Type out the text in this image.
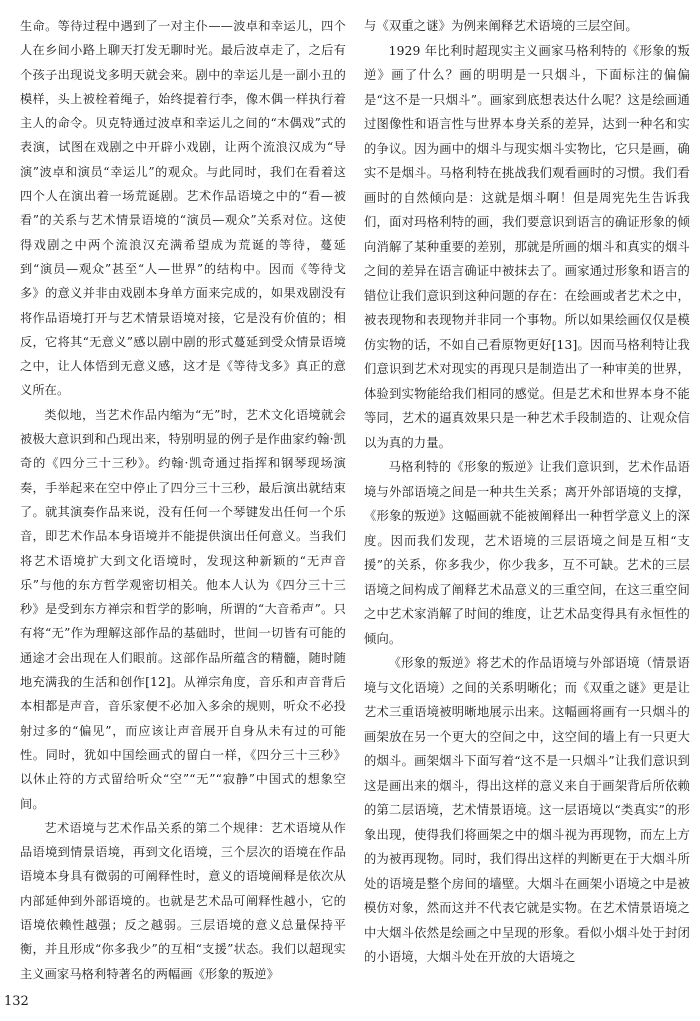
生命。等待过程中遇到了一对主仆——波卓和幸运儿，四个人在乡间小路上聊天打发无聊时光。最后波卓走了，之后有个孩子出现说戈多明天就会来。剧中的幸运儿是一副小丑的模样，头上被栓着绳子，始终提着行李，像木偶一样执行着主人的命令。贝克特通过波卓和幸运儿之间的“木偶戏”式的表演，试图在戏剧之中开辟小戏剧，让两个流浪汉成为“导演”波卓和演员“幸运儿”的观众。与此同时，我们在看着这四个人在演出着一场荒诞剧。艺术作品语境之中的“看—被看”的关系与艺术情景语境的“演员—观众”关系对位。这使得戏剧之中两个流浪汉充满希望成为荒诞的等待，蔓延到“演员—观众”甚至“人—世界”的结构中。因而《等待戈多》的意义并非由戏剧本身单方面来完成的，如果戏剧没有将作品语境打开与艺术情景语境对接，它是没有价值的；相反，它将其“无意义”感以剧中剧的形式蔓延到受众情景语境之中，让人体悟到无意义感，这才是《等待戈多》真正的意义所在。

类似地，当艺术作品内缩为“无”时，艺术文化语境就会被极大意识到和凸现出来，特别明显的例子是作曲家约翰·凯奇的《四分三十三秒》。约翰·凯奇通过指挥和钢琴现场演奏，手举起来在空中停止了四分三十三秒，最后演出就结束了。就其演奏作品来说，没有任何一个琴键发出任何一个乐音，即艺术作品本身语境并不能提供演出任何意义。当我们将艺术语境扩大到文化语境时，发现这种新颖的“无声音乐”与他的东方哲学观密切相关。他本人认为《四分三十三秒》是受到东方禅宗和哲学的影响，所谓的“大音希声”。只有将“无”作为理解这部作品的基础时，世间一切皆有可能的通途才会出现在人们眼前。这部作品所蕴含的精髓，随时随地充满我的生活和创作[12]。从禅宗角度，音乐和声音背后本相都是声音，音乐家便不必加入多余的规则，听众不必投射过多的“偏见”，而应该让声音展开自身从未有过的可能性。同时，犹如中国绘画式的留白一样，《四分三十三秒》以休止符的方式留给听众“空”“无”“寂静”中国式的想象空间。

艺术语境与艺术作品关系的第二个规律：艺术语境从作品语境到情景语境，再到文化语境，三个层次的语境在作品语境本身具有微弱的可阐释性时，意义的语境阐释是依次从内部延伸到外部语境的。也就是艺术品可阐释性越小，它的语境依赖性越强；反之越弱。三层语境的意义总量保持平衡，并且形成“你多我少”的互相“支援”状态。我们以超现实主义画家马格利特著名的两幅画《形象的叛逆》

与《双重之谜》为例来阐释艺术语境的三层空间。

1929 年比利时超现实主义画家马格利特的《形象的叛逆》画了什么？画的明明是一只烟斗，下面标注的偏偏是“这不是一只烟斗”。画家到底想表达什么呢？这是绘画通过图像性和语言性与世界本身关系的差异，达到一种名和实的争议。因为画中的烟斗与现实烟斗实物比，它只是画，确实不是烟斗。马格利特在挑战我们观看画时的习惯。我们看画时的自然倾向是：这就是烟斗啊！但是周宪先生告诉我们，面对玛格利特的画，我们要意识到语言的确证形象的倾向消解了某种重要的差别，那就是所画的烟斗和真实的烟斗之间的差异在语言确证中被抹去了。画家通过形象和语言的错位让我们意识到这种问题的存在：在绘画或者艺术之中，被表现物和表现物并非同一个事物。所以如果绘画仅仅是模仿实物的话，不如自己看原物更好[13]。因而马格利特让我们意识到艺术对现实的再现只是制造出了一种审美的世界，体验到实物能给我们相同的感觉。但是艺术和世界本身不能等同，艺术的逼真效果只是一种艺术手段制造的、让观众信以为真的力量。

马格利特的《形象的叛逆》让我们意识到，艺术作品语境与外部语境之间是一种共生关系；离开外部语境的支撑，《形象的叛逆》这幅画就不能被阐释出一种哲学意义上的深度。因而我们发现，艺术语境的三层语境之间是互相“支援”的关系，你多我少，你少我多，互不可缺。艺术的三层语境之间构成了阐释艺术品意义的三重空间，在这三重空间之中艺术家消解了时间的维度，让艺术品变得具有永恒性的倾向。

《形象的叛逆》将艺术的作品语境与外部语境（情景语境与文化语境）之间的关系明晰化；而《双重之谜》更是让艺术三重语境被明晰地展示出来。这幅画将画有一只烟斗的画架放在另一个更大的空间之中，这空间的墙上有一只更大的烟斗。画架烟斗下面写着“这不是一只烟斗”让我们意识到这是画出来的烟斗，得出这样的意义来自于画架背后所依赖的第二层语境，艺术情景语境。这一层语境以“类真实”的形象出现，使得我们将画架之中的烟斗视为再现物，而左上方的为被再现物。同时，我们得出这样的判断更在于大烟斗所处的语境是整个房间的墙壁。大烟斗在画架小语境之中是被模仿对象，然而这并不代表它就是实物。在艺术情景语境之中大烟斗依然是绘画之中呈现的形象。看似小烟斗处于封闭的小语境，大烟斗处在开放的大语境之

132
